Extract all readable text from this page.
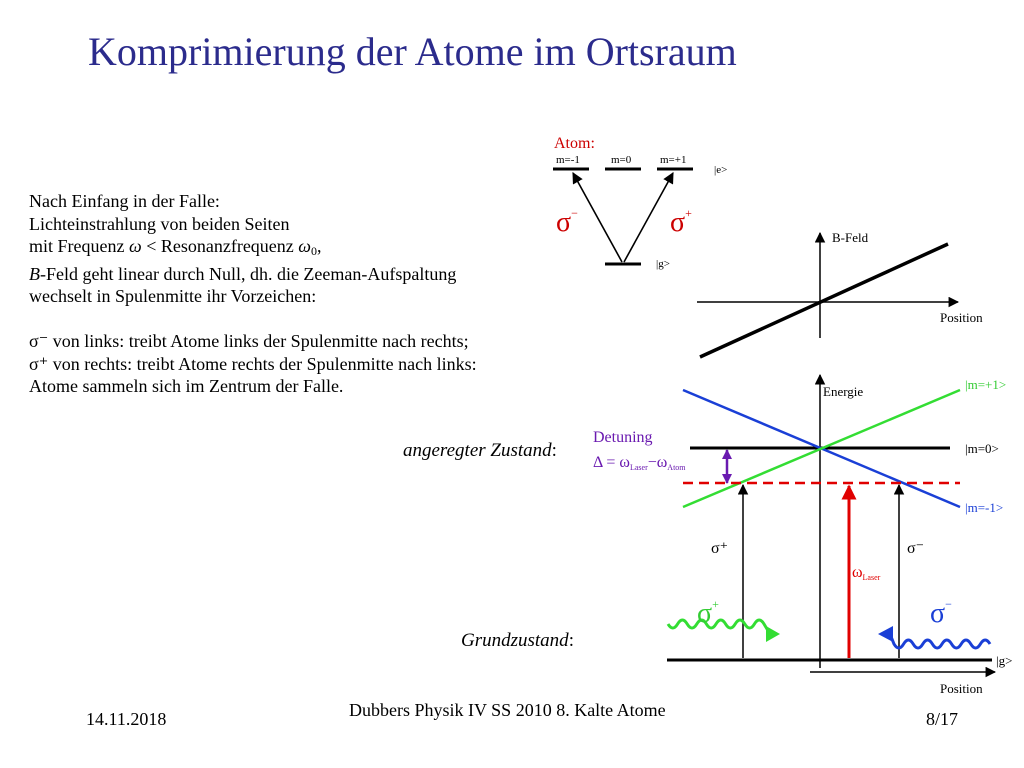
Komprimierung der Atome im Ortsraum
Nach Einfang in der Falle:
Lichteinstrahlung von beiden Seiten
mit Frequenz ω < Resonanzfrequenz $\omega_0$,
B-Feld geht linear durch Null, dh. die Zeeman-Aufspaltung
wechselt in Spulenmitte ihr Vorzeichen:
σ⁻ von links: treibt Atome links der Spulenmitte nach rechts;
σ⁺ von rechts: treibt Atome rechts der Spulenmitte nach links:
Atome sammeln sich im Zentrum der Falle.
Atom:
m=-1	m=0	m=+1
|e>
|g>
σ−	σ+
B-Feld
Position
Energie	|m=+1>
|m=0>
|m=-1>
Detuning
Δ = ωLaser−ωAtom
σ⁺	σ⁻
ωLaser
|g>
Position
σ+	σ−
angeregter Zustand:
Grundzustand:
14.11.2018	Dubbers Physik IV SS 2010 8. Kalte Atome	8/17
